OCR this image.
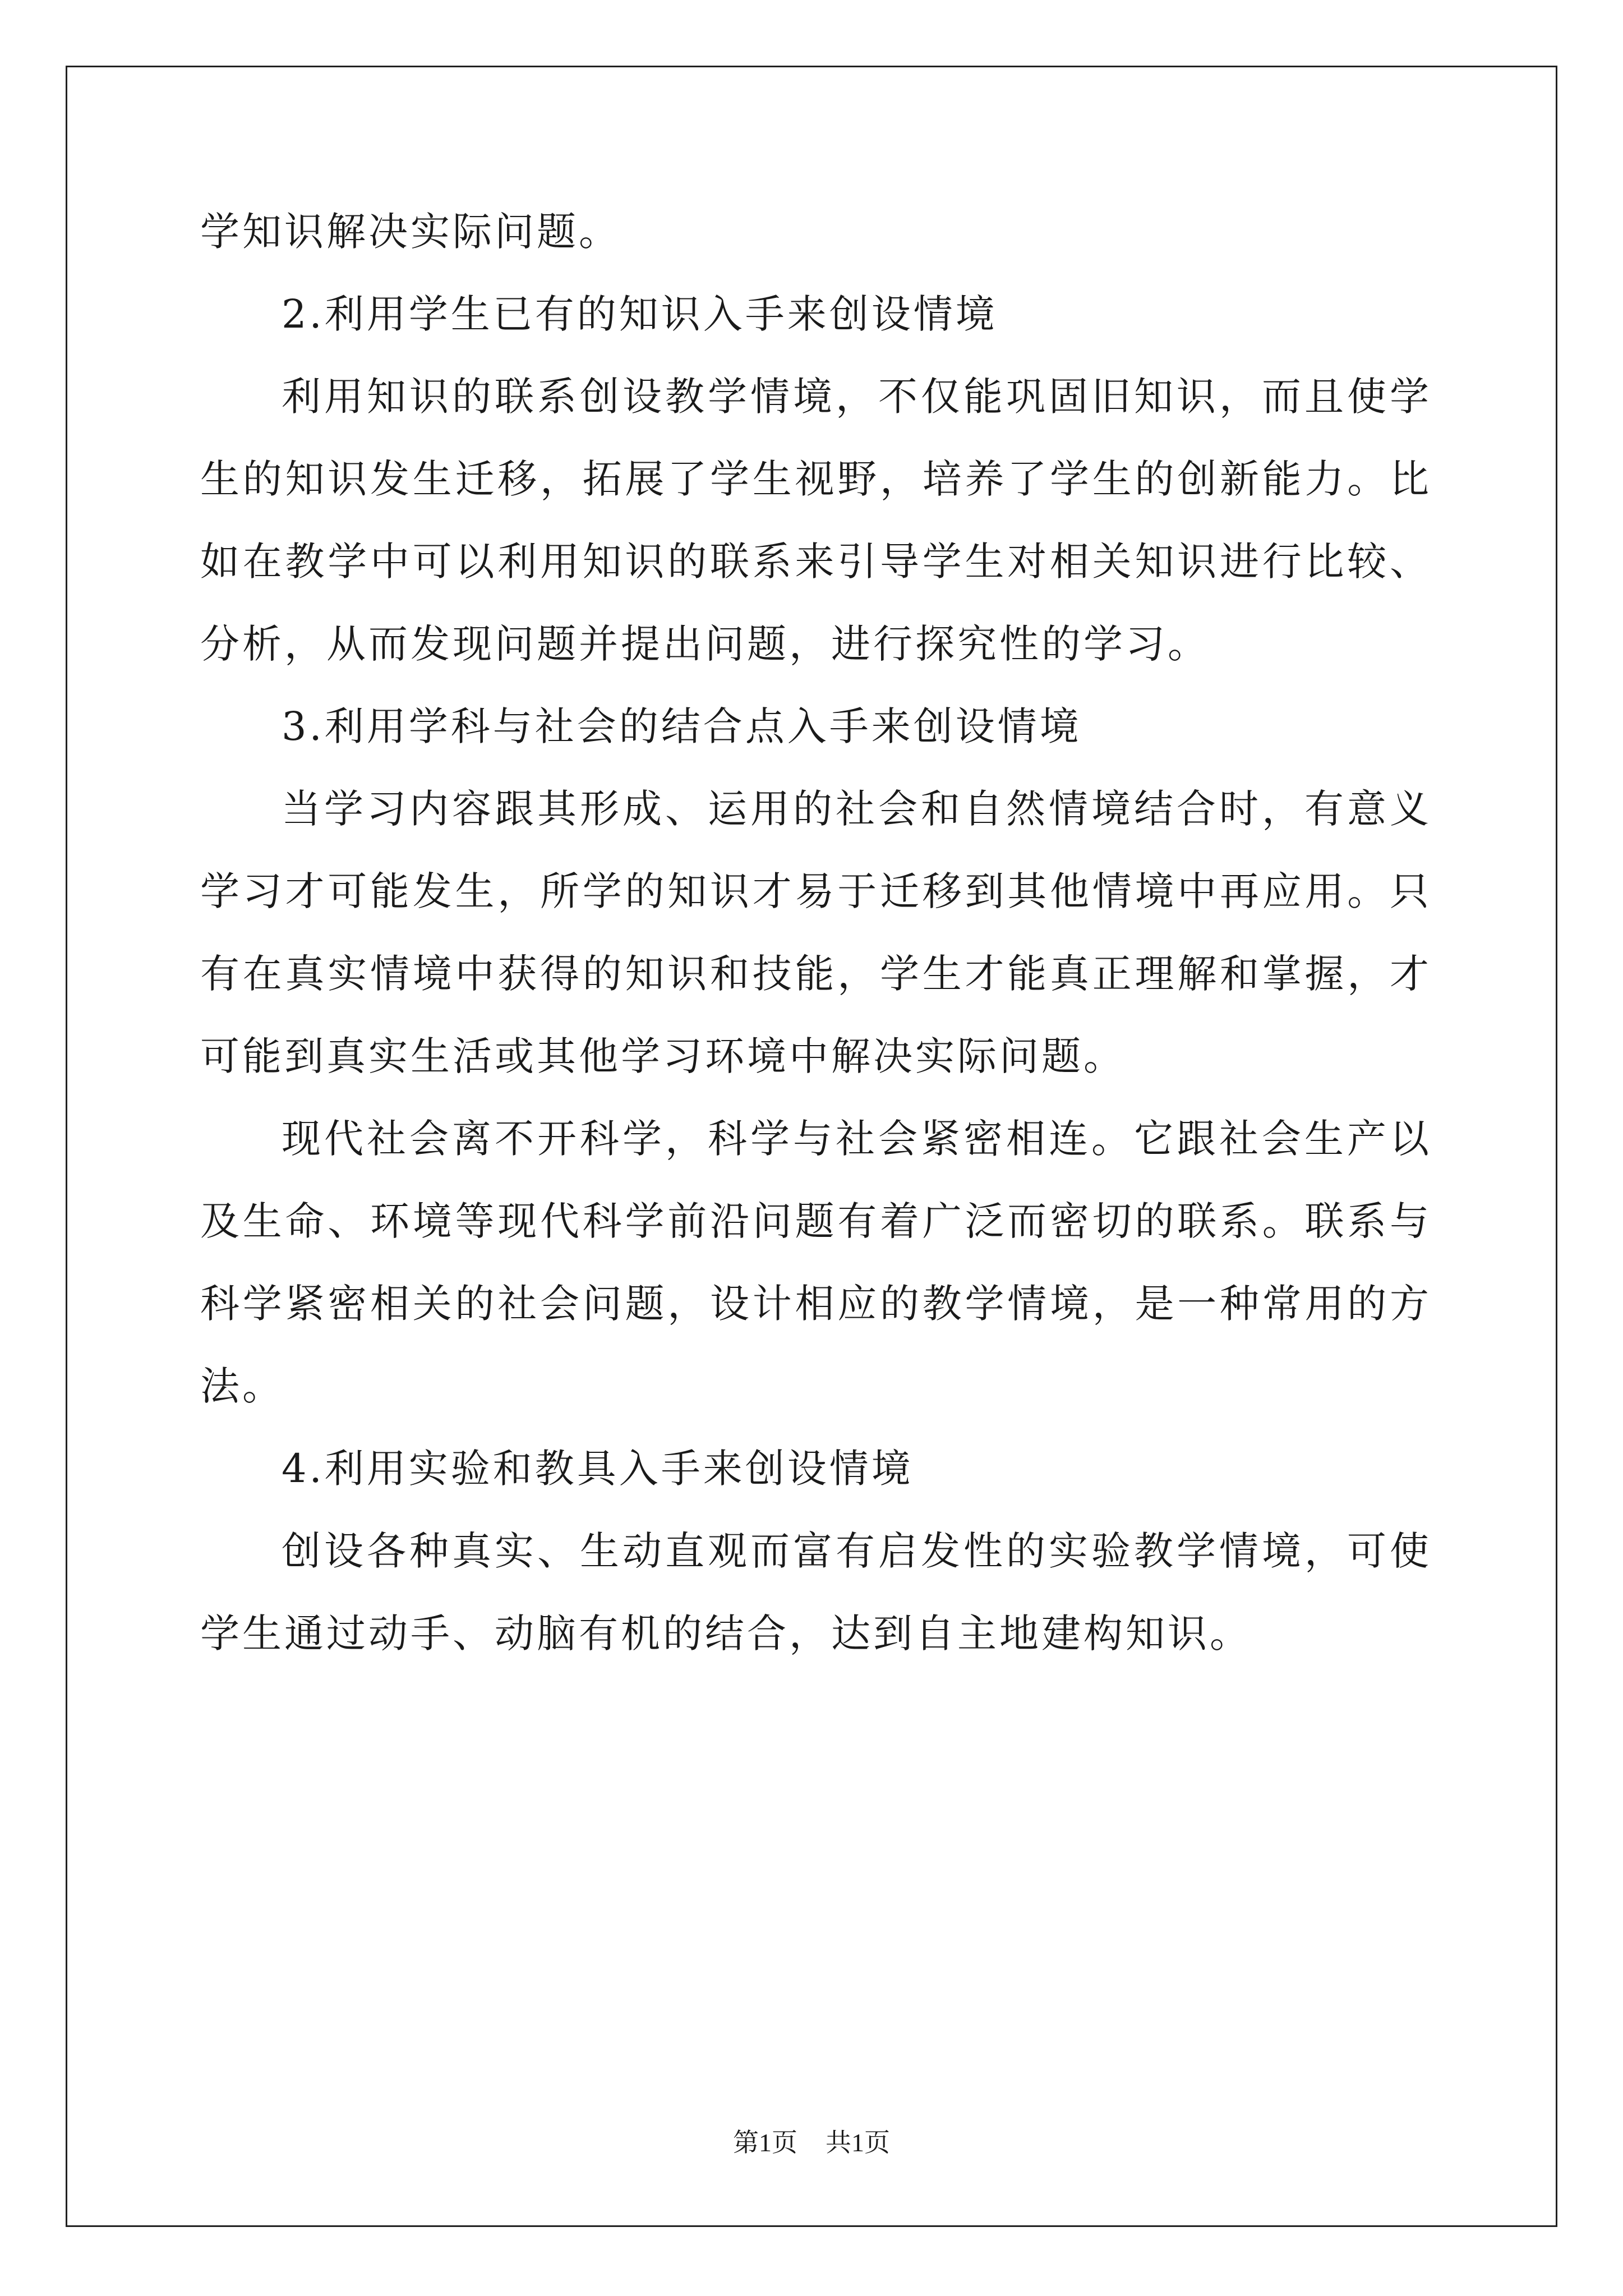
学知识解决实际问题。

2.利用学生已有的知识入手来创设情境

利用知识的联系创设教学情境，不仅能巩固旧知识，而且使学生的知识发生迁移，拓展了学生视野，培养了学生的创新能力。比如在教学中可以利用知识的联系来引导学生对相关知识进行比较、分析，从而发现问题并提出问题，进行探究性的学习。

3.利用学科与社会的结合点入手来创设情境

当学习内容跟其形成、运用的社会和自然情境结合时，有意义学习才可能发生，所学的知识才易于迁移到其他情境中再应用。只有在真实情境中获得的知识和技能，学生才能真正理解和掌握，才可能到真实生活或其他学习环境中解决实际问题。

现代社会离不开科学，科学与社会紧密相连。它跟社会生产以及生命、环境等现代科学前沿问题有着广泛而密切的联系。联系与科学紧密相关的社会问题，设计相应的教学情境，是一种常用的方法。

4.利用实验和教具入手来创设情境

创设各种真实、生动直观而富有启发性的实验教学情境，可使学生通过动手、动脑有机的结合，达到自主地建构知识。

第1页 共1页
